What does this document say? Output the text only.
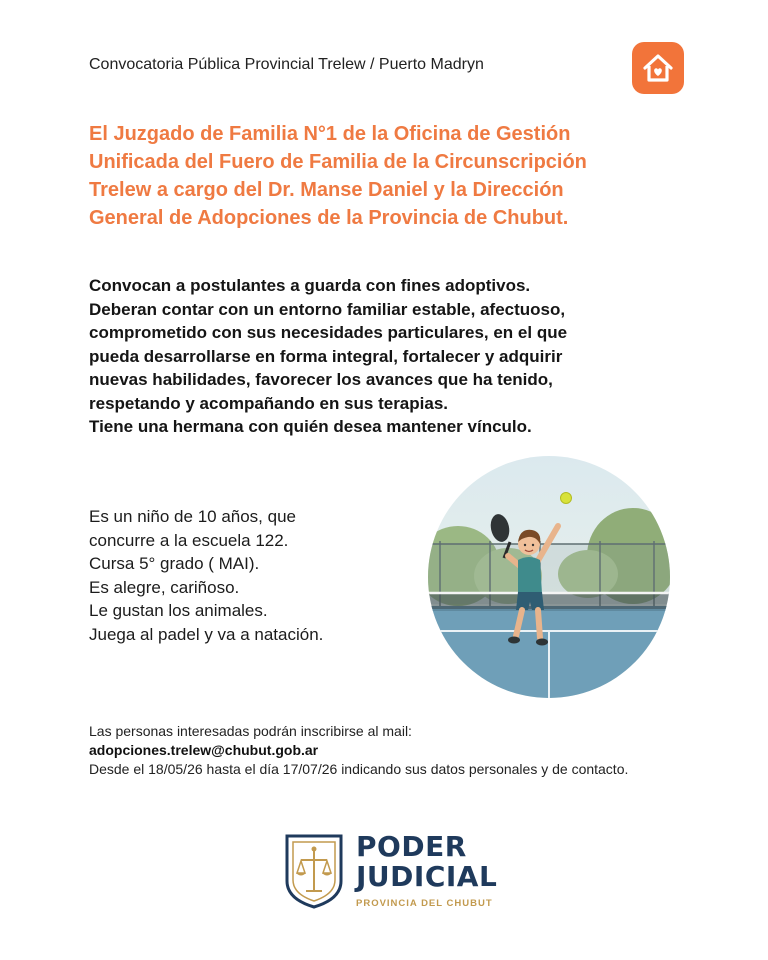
Convocatoria Pública Provincial Trelew / Puerto Madryn
El Juzgado de Familia N°1 de la Oficina de Gestión
Unificada del Fuero de Familia de la Circunscripción
Trelew a cargo del Dr. Manse Daniel y la Dirección
General de Adopciones de la Provincia de Chubut.
Convocan a postulantes a guarda con fines adoptivos.
Deberan contar con un entorno familiar estable, afectuoso,
comprometido con sus necesidades particulares, en el que
pueda desarrollarse en forma integral, fortalecer y adquirir
nuevas habilidades, favorecer los avances que ha tenido,
respetando y acompañando en sus terapias.
Tiene una hermana con quién desea mantener vínculo.
Es un niño de 10 años, que
concurre a la escuela 122.
Cursa 5° grado ( MAI).
Es alegre, cariñoso.
Le gustan los animales.
Juega al padel y va a natación.
Las personas interesadas podrán inscribirse al mail:
adopciones.trelew@chubut.gob.ar
Desde el 18/05/26 hasta el día 17/07/26 indicando sus datos personales y de contacto.
PODER
JUDICIAL
PROVINCIA DEL CHUBUT
